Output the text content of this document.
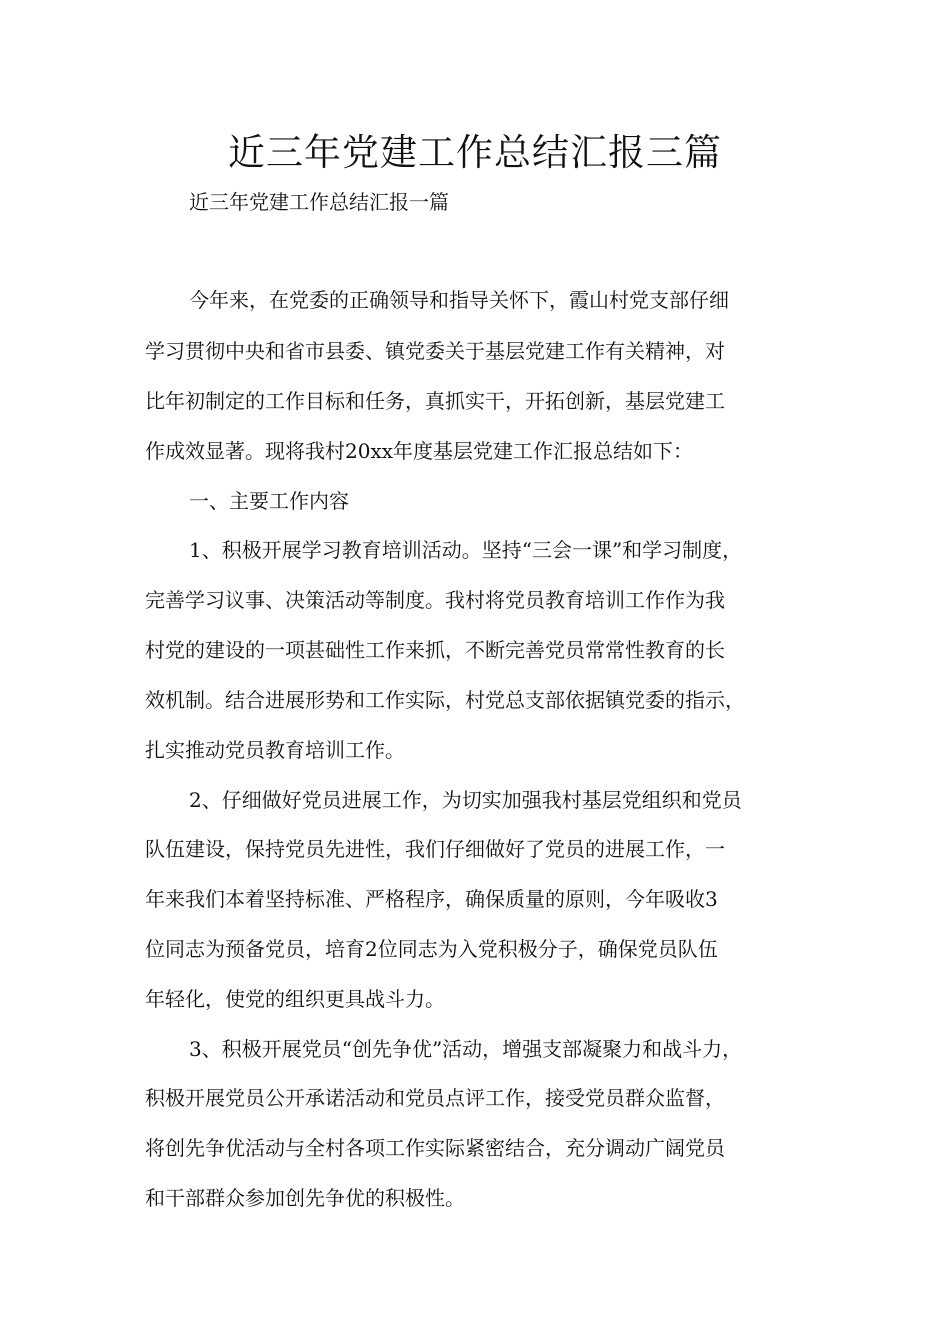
近三年党建工作总结汇报三篇
近三年党建工作总结汇报一篇
今年来，在党委的正确领导和指导关怀下，霞山村党支部仔细
学习贯彻中央和省市县委、镇党委关于基层党建工作有关精神，对
比年初制定的工作目标和任务，真抓实干，开拓创新，基层党建工
作成效显著。现将我村20xx年度基层党建工作汇报总结如下：
一、主要工作内容
1、积极开展学习教育培训活动。坚持“三会一课”和学习制度，
完善学习议事、决策活动等制度。我村将党员教育培训工作作为我
村党的建设的一项甚础性工作来抓，不断完善党员常常性教育的长
效机制。结合进展形势和工作实际，村党总支部依据镇党委的指示，
扎实推动党员教育培训工作。
2、仔细做好党员进展工作，为切实加强我村基层党组织和党员
队伍建设，保持党员先进性，我们仔细做好了党员的进展工作，一
年来我们本着坚持标准、严格程序，确保质量的原则，今年吸收3
位同志为预备党员，培育2位同志为入党积极分子，确保党员队伍
年轻化，使党的组织更具战斗力。
3、积极开展党员“创先争优”活动，增强支部凝聚力和战斗力，
积极开展党员公开承诺活动和党员点评工作，接受党员群众监督，
将创先争优活动与全村各项工作实际紧密结合，充分调动广阔党员
和干部群众参加创先争优的积极性。
